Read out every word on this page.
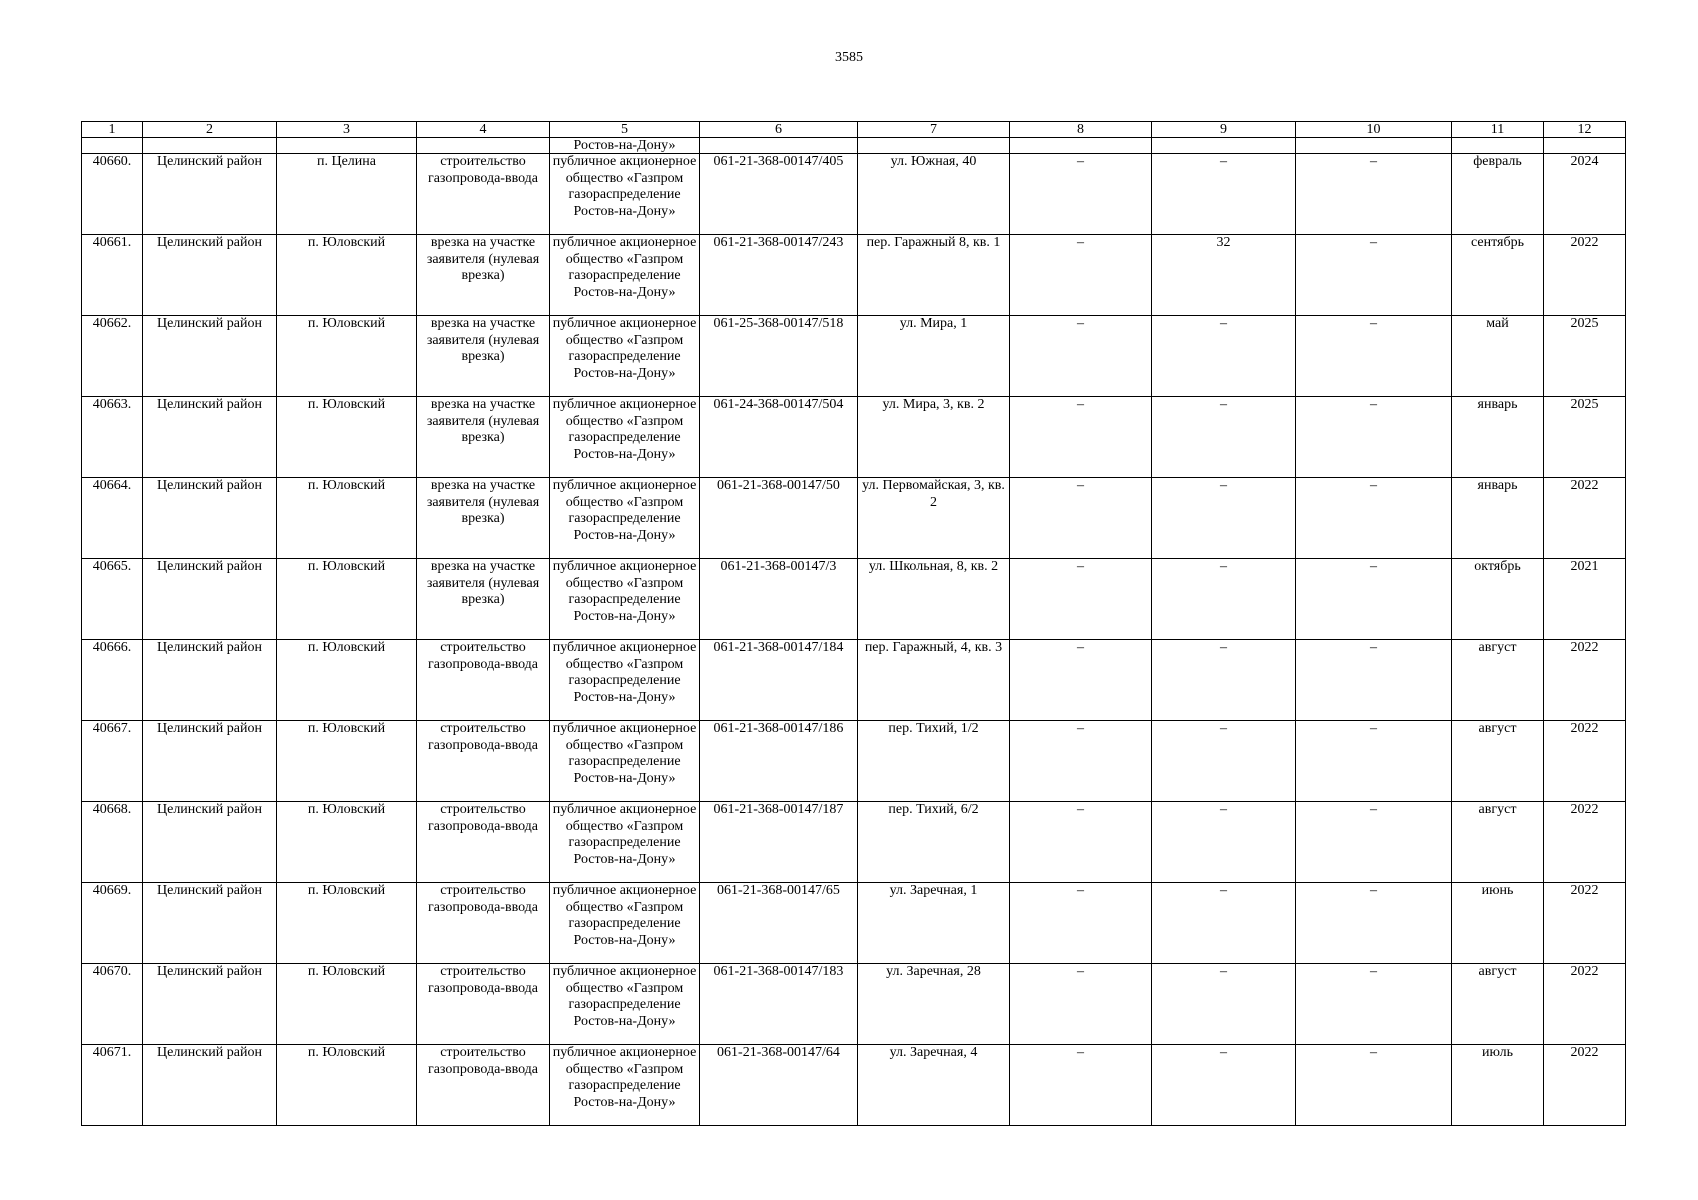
3585
1	2	3	4	5	6	7	8	9	10	11	12
				Ростов-на-Дону»							
40660.	Целинский район	п. Целина	строительство газопровода-ввода	публичное акционерное общество «Газпром газораспределение Ростов-на-Дону»	061-21-368-00147/405	ул. Южная, 40	–	–	–	февраль	2024
40661.	Целинский район	п. Юловский	врезка на участке заявителя (нулевая врезка)	публичное акционерное общество «Газпром газораспределение Ростов-на-Дону»	061-21-368-00147/243	пер. Гаражный 8, кв. 1	–	32	–	сентябрь	2022
40662.	Целинский район	п. Юловский	врезка на участке заявителя (нулевая врезка)	публичное акционерное общество «Газпром газораспределение Ростов-на-Дону»	061-25-368-00147/518	ул. Мира, 1	–	–	–	май	2025
40663.	Целинский район	п. Юловский	врезка на участке заявителя (нулевая врезка)	публичное акционерное общество «Газпром газораспределение Ростов-на-Дону»	061-24-368-00147/504	ул. Мира, 3, кв. 2	–	–	–	январь	2025
40664.	Целинский район	п. Юловский	врезка на участке заявителя (нулевая врезка)	публичное акционерное общество «Газпром газораспределение Ростов-на-Дону»	061-21-368-00147/50	ул. Первомайская, 3, кв. 2	–	–	–	январь	2022
40665.	Целинский район	п. Юловский	врезка на участке заявителя (нулевая врезка)	публичное акционерное общество «Газпром газораспределение Ростов-на-Дону»	061-21-368-00147/3	ул. Школьная, 8, кв. 2	–	–	–	октябрь	2021
40666.	Целинский район	п. Юловский	строительство газопровода-ввода	публичное акционерное общество «Газпром газораспределение Ростов-на-Дону»	061-21-368-00147/184	пер. Гаражный, 4, кв. 3	–	–	–	август	2022
40667.	Целинский район	п. Юловский	строительство газопровода-ввода	публичное акционерное общество «Газпром газораспределение Ростов-на-Дону»	061-21-368-00147/186	пер. Тихий, 1/2	–	–	–	август	2022
40668.	Целинский район	п. Юловский	строительство газопровода-ввода	публичное акционерное общество «Газпром газораспределение Ростов-на-Дону»	061-21-368-00147/187	пер. Тихий, 6/2	–	–	–	август	2022
40669.	Целинский район	п. Юловский	строительство газопровода-ввода	публичное акционерное общество «Газпром газораспределение Ростов-на-Дону»	061-21-368-00147/65	ул. Заречная, 1	–	–	–	июнь	2022
40670.	Целинский район	п. Юловский	строительство газопровода-ввода	публичное акционерное общество «Газпром газораспределение Ростов-на-Дону»	061-21-368-00147/183	ул. Заречная, 28	–	–	–	август	2022
40671.	Целинский район	п. Юловский	строительство газопровода-ввода	публичное акционерное общество «Газпром газораспределение Ростов-на-Дону»	061-21-368-00147/64	ул. Заречная, 4	–	–	–	июль	2022
